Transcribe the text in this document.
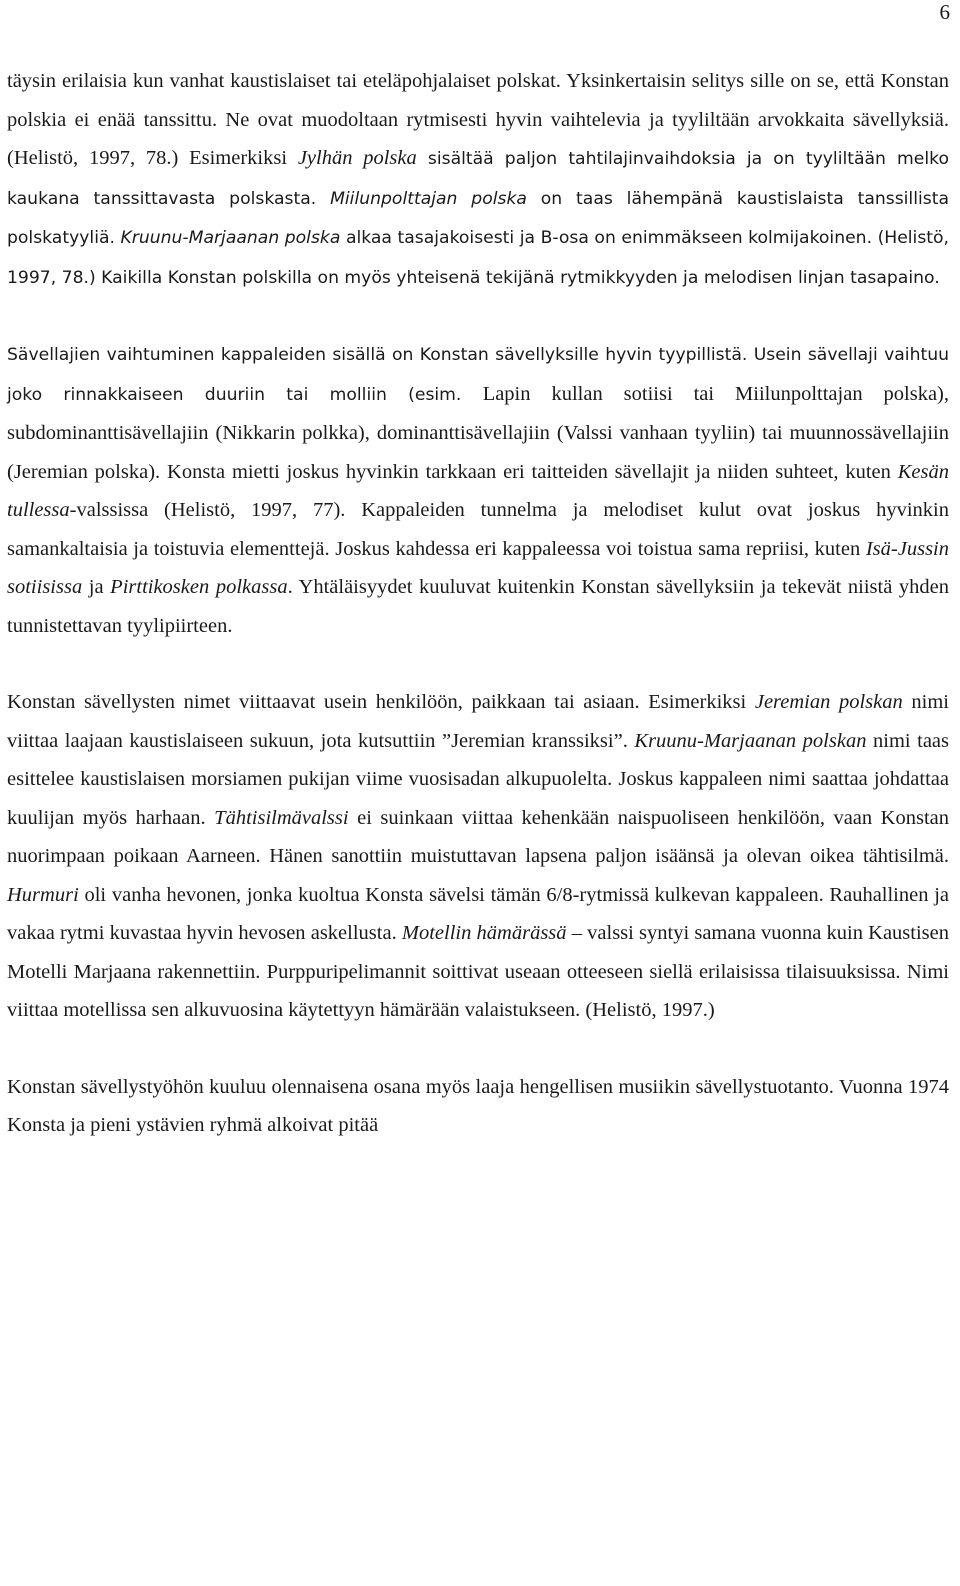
6

täysin erilaisia kun vanhat kaustislaiset tai eteläpohjalaiset polskat. Yksinkertaisin selitys sille on se, että Konstan polskia ei enää tanssittu. Ne ovat muodoltaan rytmisesti hyvin vaihtelevia ja tyyliltään arvokkaita sävellyksiä. (Helistö, 1997, 78.) Esimerkiksi Jylhän polska sisältää paljon tahtilajinvaihdoksia ja on tyyliltään melko kaukana tanssittavasta polskasta. Miilunpolttajan polska on taas lähempänä kaustislaista tanssillista polskatyyliä. Kruunu-Marjaanan polska alkaa tasajakoisesti ja B-osa on enimmäkseen kolmijakoinen. (Helistö, 1997, 78.) Kaikilla Konstan polskilla on myös yhteisenä tekijänä rytmikkyyden ja melodisen linjan tasapaino.

Sävellajien vaihtuminen kappaleiden sisällä on Konstan sävellyksille hyvin tyypillistä. Usein sävellaji vaihtuu joko rinnakkaiseen duuriin tai molliin (esim. Lapin kullan sotiisi tai Miilunpolttajan polska), subdominanttisävellajiin (Nikkarin polkka), dominanttisävellajiin (Valssi vanhaan tyyliin) tai muunnossävellajiin (Jeremian polska). Konsta mietti joskus hyvinkin tarkkaan eri taitteiden sävellajit ja niiden suhteet, kuten Kesän tullessa-valssissa (Helistö, 1997, 77). Kappaleiden tunnelma ja melodiset kulut ovat joskus hyvinkin samankaltaisia ja toistuvia elementtejä. Joskus kahdessa eri kappaleessa voi toistua sama repriisi, kuten Isä-Jussin sotiisissa ja Pirttikosken polkassa. Yhtäläisyydet kuuluvat kuitenkin Konstan sävellyksiin ja tekevät niistä yhden tunnistettavan tyylipiirteen.

Konstan sävellysten nimet viittaavat usein henkilöön, paikkaan tai asiaan. Esimerkiksi Jeremian polskan nimi viittaa laajaan kaustislaiseen sukuun, jota kutsuttiin ”Jeremian kranssiksi”. Kruunu-Marjaanan polskan nimi taas esittelee kaustislaisen morsiamen pukijan viime vuosisadan alkupuolelta. Joskus kappaleen nimi saattaa johdattaa kuulijan myös harhaan. Tähtisilmävalssi ei suinkaan viittaa kehenkään naispuoliseen henkilöön, vaan Konstan nuorimpaan poikaan Aarneen. Hänen sanottiin muistuttavan lapsena paljon isäänsä ja olevan oikea tähtisilmä. Hurmuri oli vanha hevonen, jonka kuoltua Konsta sävelsi tämän 6/8-rytmissä kulkevan kappaleen. Rauhallinen ja vakaa rytmi kuvastaa hyvin hevosen askellusta. Motellin hämärässä – valssi syntyi samana vuonna kuin Kaustisen Motelli Marjaana rakennettiin. Purppuripelimannit soittivat useaan otteeseen siellä erilaisissa tilaisuuksissa. Nimi viittaa motellissa sen alkuvuosina käytettyyn hämärään valaistukseen. (Helistö, 1997.)

Konstan sävellystyöhön kuuluu olennaisena osana myös laaja hengellisen musiikin sävellystuotanto. Vuonna 1974 Konsta ja pieni ystävien ryhmä alkoivat pitää
